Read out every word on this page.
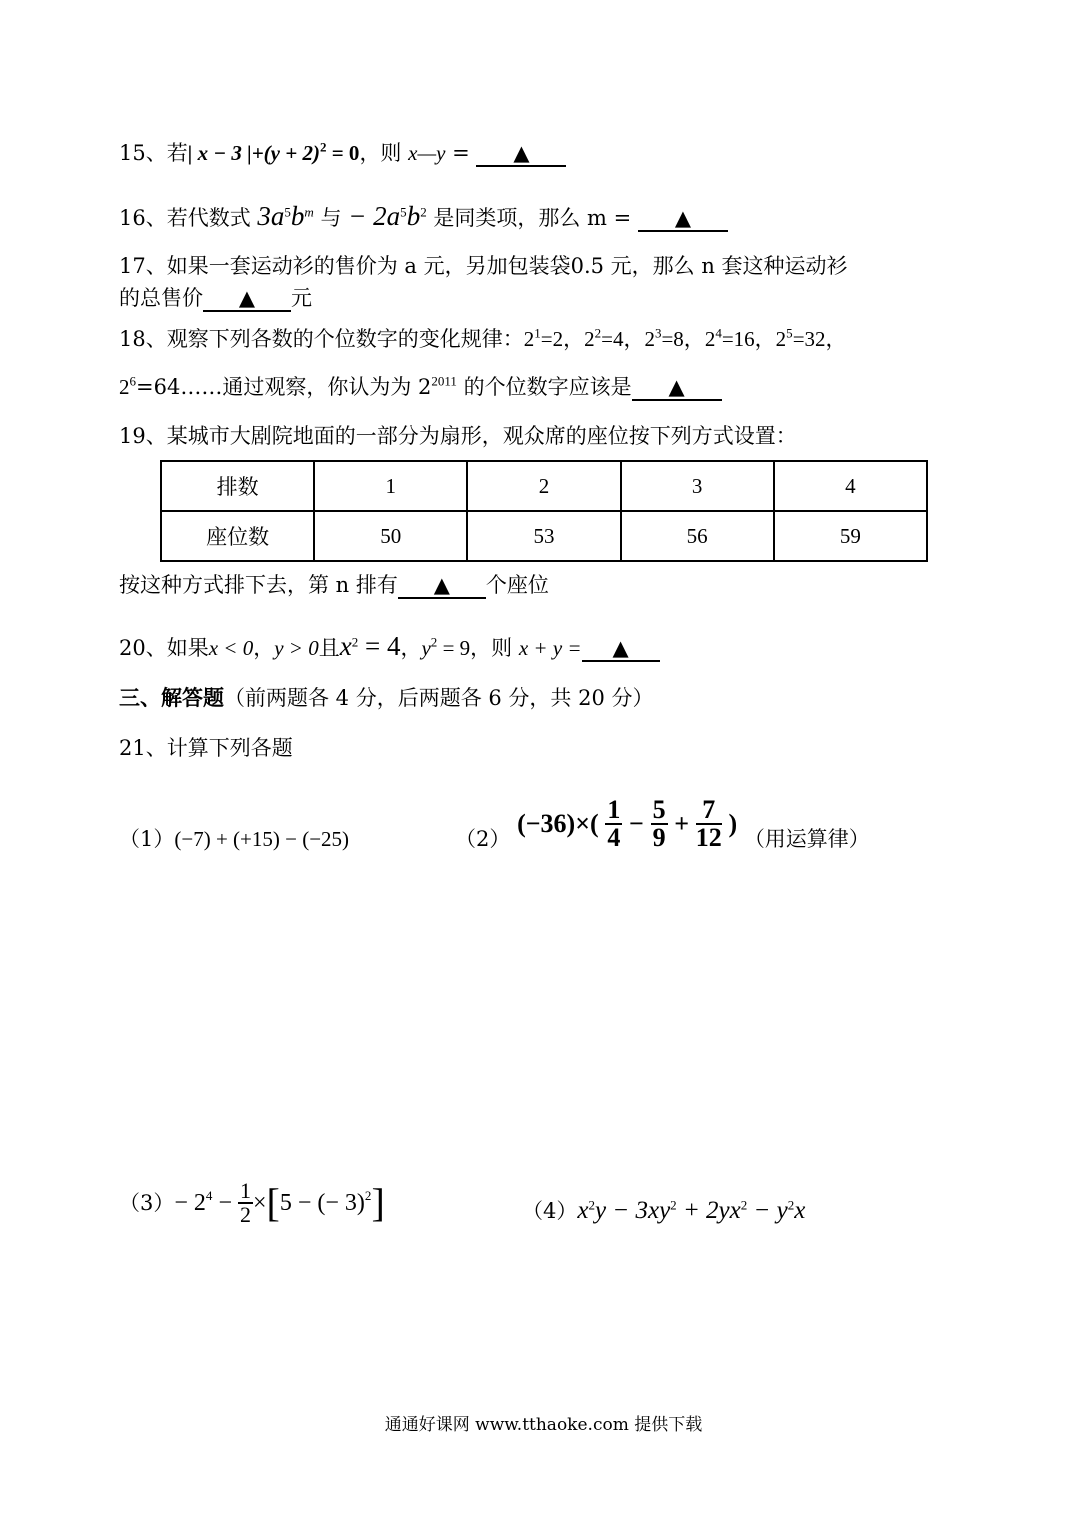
15、若| x − 3 $|+(y + 2)^2 = 0$，则 x—y = ▲
16、若代数式 $3a^5b^m$ 与 − $2a^5b^2$ 是同类项，那么 m = ▲
17、如果一套运动衫的售价为 a 元，另加包装袋0.5 元，那么 n 套这种运动衫
的总售价 ▲ 元
18、观察下列各数的个位数字的变化规律：$2^1=2$，$2^2=4$，$2^3=8$，$2^4=16$，$2^5=32$，
$2^6=64\dots\dots$通过观察，你认为为 $2^{2011}$ 的个位数字应该是 ▲
19、某城市大剧院地面的一部分为扇形，观众席的座位按下列方式设置：
排数	1	2	3	4
座位数	50	53	56	59
按这种方式排下去，第 n 排有 ▲ 个座位
20、如果x < 0，y > 0且$x^2 = 4$，$y^2 = 9$，则 x + y = ▲
三、解答题（前两题各 4 分，后两题各 6 分，共 20 分）
21、计算下列各题
（1）(−7) + (+15) − (−25)	（2） $(-36)\times( \frac{1}{4} - \frac{5}{9} + \frac{7}{12}$ ) （用运算律）
$(3)- 2^4 - \frac{1}{2} \times[5$ − (− 3)$^2$]	$(4)x^2y - 3xy^2 + 2yx^2 - y^2x$
通通好课网 www.tthaoke.com 提供下载
